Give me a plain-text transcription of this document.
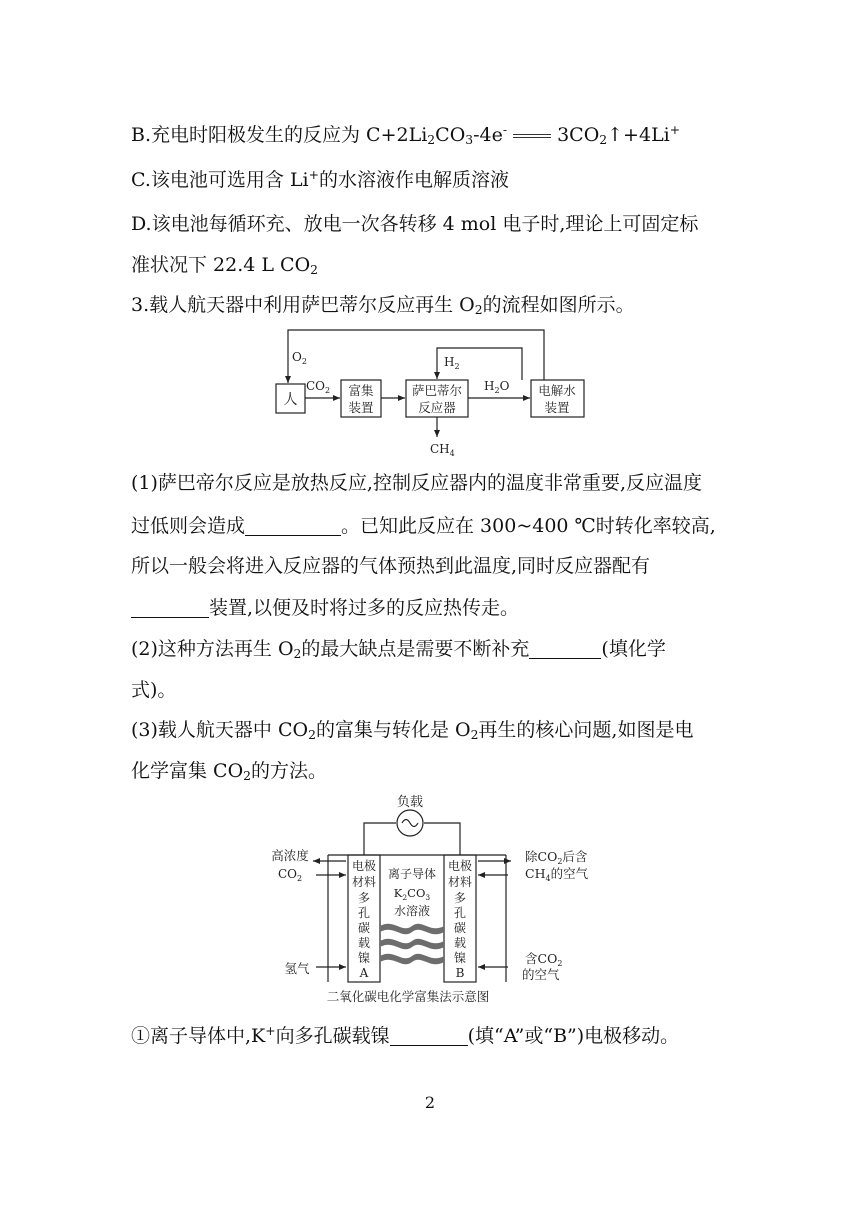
B.充电时阳极发生的反应为 $C+2Li_2CO_3-4e^-$	$3CO_2↑+4Li^+$
C.该电池可选用含 Li+的水溶液作电解质溶液
D.该电池每循环充、放电一次各转移 4 mol 电子时,理论上可固定标
准状况下 22.4 L $CO_2$
3.载人航天器中利用萨巴蒂尔反应再生 $O_2$的流程如图所示。
$O_2$
$CO_2$
$H_2$
$H_2O$
$CH_4$
人
富集
装置
萨巴蒂尔
反应器
电解水
装置
(1)萨巴帝尔反应是放热反应,控制反应器内的温度非常重要,反应温度
过低则会造成	。已知此反应在 300~400 ℃时转化率较高,
所以一般会将进入反应器的气体预热到此温度,同时反应器配有
装置,以便及时将过多的反应热传走。
(2)这种方法再生 $O_2$的最大缺点是需要不断补充	(填化学
式)。
(3)载人航天器中 $CO_2$的富集与转化是 $O_2$再生的核心问题,如图是电
化学富集 $CO_2$的方法。
负载
高浓度
$CO_2$
氢气
除$CO_2$后含
$CH_4$的空气
含$CO_2$
的空气
电极
材料
多
孔
碳
载
镍
A
电极
材料
多
孔
碳
载
镍
B
离子导体
$K_2CO_3$
水溶液
二氧化碳电化学富集法示意图
①离子导体中,K+向多孔碳载镍	(填“A”或“B”)电极移动。
2
